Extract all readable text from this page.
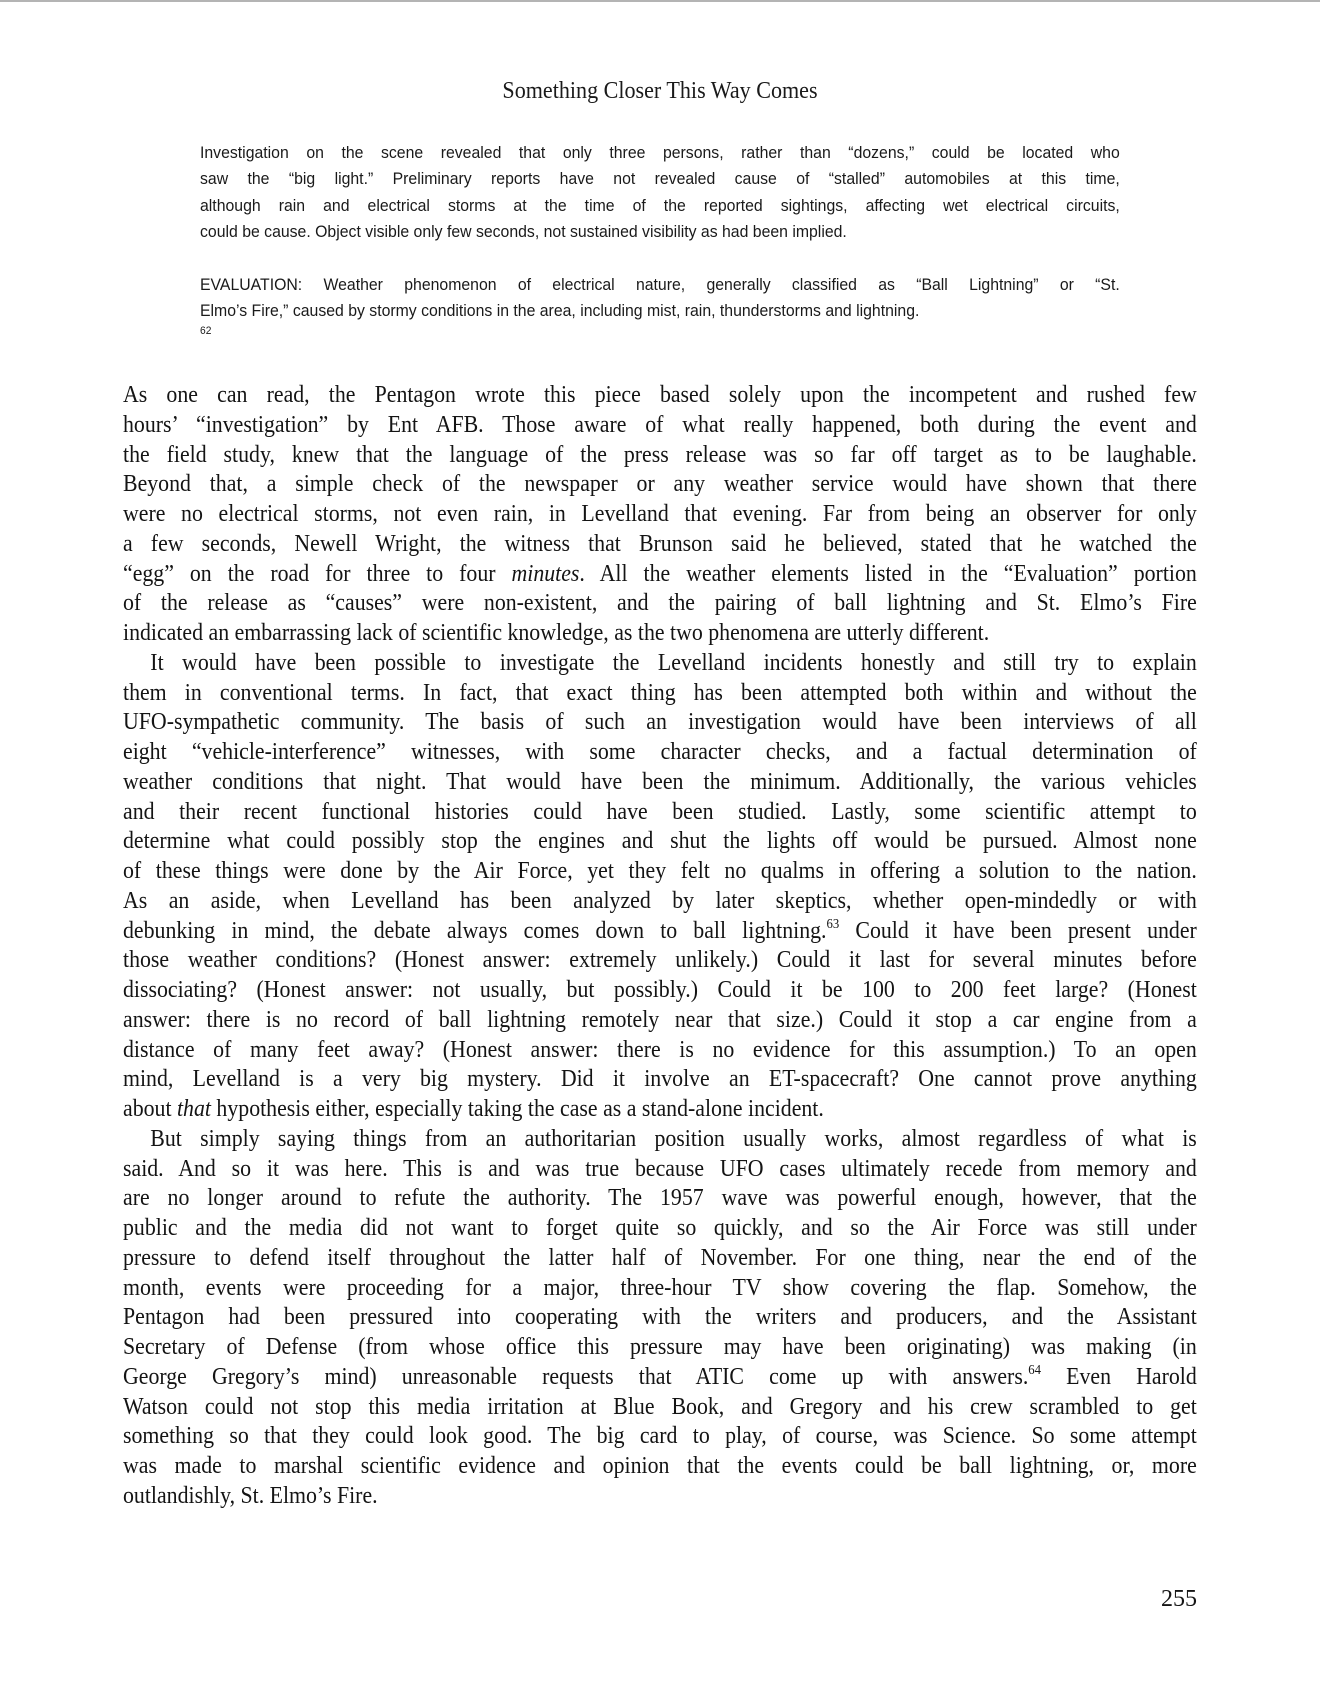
Something Closer This Way Comes
Investigation on the scene revealed that only three persons, rather than “dozens,” could be located who
saw the “big light.” Preliminary reports have not revealed cause of “stalled” automobiles at this time,
although rain and electrical storms at the time of the reported sightings, affecting wet electrical circuits,
could be cause. Object visible only few seconds, not sustained visibility as had been implied.
EVALUATION: Weather phenomenon of electrical nature, generally classified as “Ball Lightning” or “St.
Elmo’s Fire,” caused by stormy conditions in the area, including mist, rain, thunderstorms and lightning.
62
As one can read, the Pentagon wrote this piece based solely upon the incompetent and rushed few
hours’ “investigation” by Ent AFB. Those aware of what really happened, both during the event and
the field study, knew that the language of the press release was so far off target as to be laughable.
Beyond that, a simple check of the newspaper or any weather service would have shown that there
were no electrical storms, not even rain, in Levelland that evening. Far from being an observer for only
a few seconds, Newell Wright, the witness that Brunson said he believed, stated that he watched the
“egg” on the road for three to four minutes. All the weather elements listed in the “Evaluation” portion
of the release as “causes” were non-existent, and the pairing of ball lightning and St. Elmo’s Fire
indicated an embarrassing lack of scientific knowledge, as the two phenomena are utterly different.
It would have been possible to investigate the Levelland incidents honestly and still try to explain
them in conventional terms. In fact, that exact thing has been attempted both within and without the
UFO-sympathetic community. The basis of such an investigation would have been interviews of all
eight “vehicle-interference” witnesses, with some character checks, and a factual determination of
weather conditions that night. That would have been the minimum. Additionally, the various vehicles
and their recent functional histories could have been studied. Lastly, some scientific attempt to
determine what could possibly stop the engines and shut the lights off would be pursued. Almost none
of these things were done by the Air Force, yet they felt no qualms in offering a solution to the nation.
As an aside, when Levelland has been analyzed by later skeptics, whether open-mindedly or with
debunking in mind, the debate always comes down to ball lightning.$^{63}$ Could it have been present under
those weather conditions? (Honest answer: extremely unlikely.) Could it last for several minutes before
dissociating? (Honest answer: not usually, but possibly.) Could it be 100 to 200 feet large? (Honest
answer: there is no record of ball lightning remotely near that size.) Could it stop a car engine from a
distance of many feet away? (Honest answer: there is no evidence for this assumption.) To an open
mind, Levelland is a very big mystery. Did it involve an ET-spacecraft? One cannot prove anything
about that hypothesis either, especially taking the case as a stand-alone incident.
But simply saying things from an authoritarian position usually works, almost regardless of what is
said. And so it was here. This is and was true because UFO cases ultimately recede from memory and
are no longer around to refute the authority. The 1957 wave was powerful enough, however, that the
public and the media did not want to forget quite so quickly, and so the Air Force was still under
pressure to defend itself throughout the latter half of November. For one thing, near the end of the
month, events were proceeding for a major, three-hour TV show covering the flap. Somehow, the
Pentagon had been pressured into cooperating with the writers and producers, and the Assistant
Secretary of Defense (from whose office this pressure may have been originating) was making (in
George Gregory’s mind) unreasonable requests that ATIC come up with answers.$^{64}$ Even Harold
Watson could not stop this media irritation at Blue Book, and Gregory and his crew scrambled to get
something so that they could look good. The big card to play, of course, was Science. So some attempt
was made to marshal scientific evidence and opinion that the events could be ball lightning, or, more
outlandishly, St. Elmo’s Fire.
255
